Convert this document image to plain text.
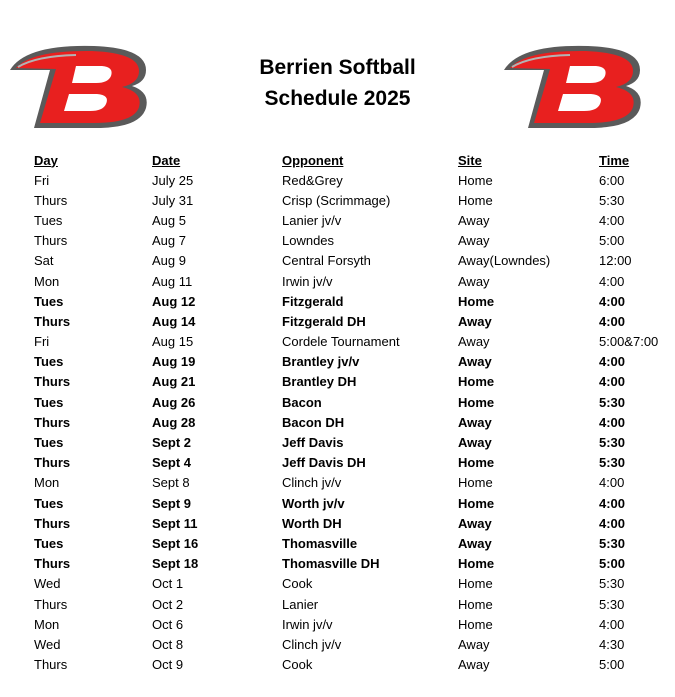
Berrien Softball
Schedule 2025
Day	Date	Opponent	Site	Time
Fri	July 25	Red&Grey	Home	6:00
Thurs	July 31	Crisp (Scrimmage)	Home	5:30
Tues	Aug 5	Lanier jv/v	Away	4:00
Thurs	Aug 7	Lowndes	Away	5:00
Sat	Aug 9	Central Forsyth	Away(Lowndes)	12:00
Mon	Aug 11	Irwin jv/v	Away	4:00
Tues	Aug 12	Fitzgerald	Home	4:00
Thurs	Aug 14	Fitzgerald DH	Away	4:00
Fri	Aug 15	Cordele Tournament	Away	5:00&7:00
Tues	Aug 19	Brantley jv/v	Away	4:00
Thurs	Aug 21	Brantley DH	Home	4:00
Tues	Aug 26	Bacon	Home	5:30
Thurs	Aug 28	Bacon DH	Away	4:00
Tues	Sept 2	Jeff Davis	Away	5:30
Thurs	Sept 4	Jeff Davis DH	Home	5:30
Mon	Sept 8	Clinch jv/v	Home	4:00
Tues	Sept 9	Worth jv/v	Home	4:00
Thurs	Sept 11	Worth DH	Away	4:00
Tues	Sept 16	Thomasville	Away	5:30
Thurs	Sept 18	Thomasville DH	Home	5:00
Wed	Oct 1	Cook	Home	5:30
Thurs	Oct 2	Lanier	Home	5:30
Mon	Oct 6	Irwin jv/v	Home	4:00
Wed	Oct 8	Clinch jv/v	Away	4:30
Thurs	Oct 9	Cook	Away	5:00
